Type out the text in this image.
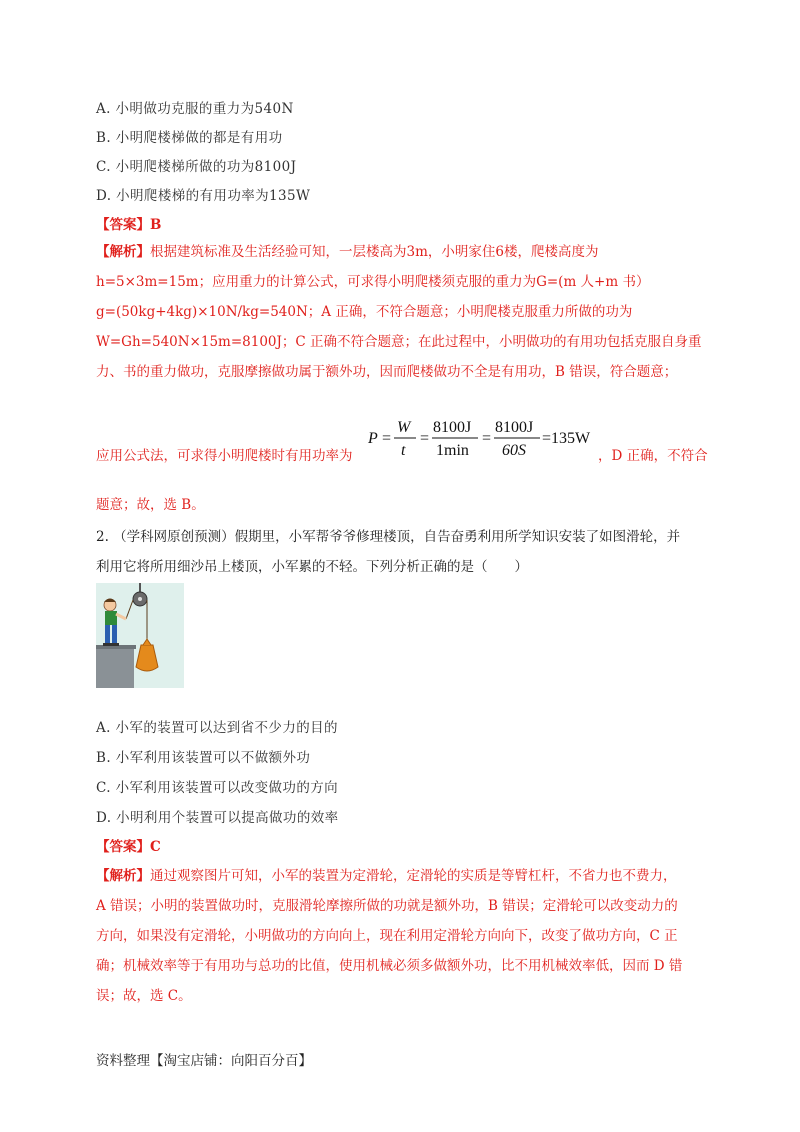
A. 小明做功克服的重力为540N
B. 小明爬楼梯做的都是有用功
C. 小明爬楼梯所做的功为8100J
D. 小明爬楼梯的有用功率为135W
【答案】B
【解析】根据建筑标准及生活经验可知，一层楼高为3m，小明家住6楼，爬楼高度为
h=5×3m=15m；应用重力的计算公式，可求得小明爬楼须克服的重力为G=(m 人+m 书）
g=(50kg+4kg)×10N/kg=540N；A 正确，不符合题意；小明爬楼克服重力所做的功为
W=Gh=540N×15m=8100J；C 正确不符合题意；在此过程中，小明做功的有用功包括克服自身重
力、书的重力做功，克服摩擦做功属于额外功，因而爬楼做功不全是有用功，B 错误，符合题意；
应用公式法，可求得小明爬楼时有用功率为
P =
W
t
=
8100J
1min
=
8100J
60S
=135W
，D 正确，不符合
题意；故，选 B。
2. （学科网原创预测）假期里，小军帮爷爷修理楼顶，自告奋勇利用所学知识安装了如图滑轮，并
利用它将所用细沙吊上楼顶，小军累的不轻。下列分析正确的是（　　）
A. 小军的装置可以达到省不少力的目的
B. 小军利用该装置可以不做额外功
C. 小军利用该装置可以改变做功的方向
D. 小明利用个装置可以提高做功的效率
【答案】C
【解析】通过观察图片可知，小军的装置为定滑轮，定滑轮的实质是等臂杠杆，不省力也不费力，
A 错误；小明的装置做功时，克服滑轮摩擦所做的功就是额外功，B 错误；定滑轮可以改变动力的
方向，如果没有定滑轮，小明做功的方向向上，现在利用定滑轮方向向下，改变了做功方向，C 正
确；机械效率等于有用功与总功的比值，使用机械必须多做额外功，比不用机械效率低，因而 D 错
误；故，选 C。
资料整理【淘宝店铺：向阳百分百】
